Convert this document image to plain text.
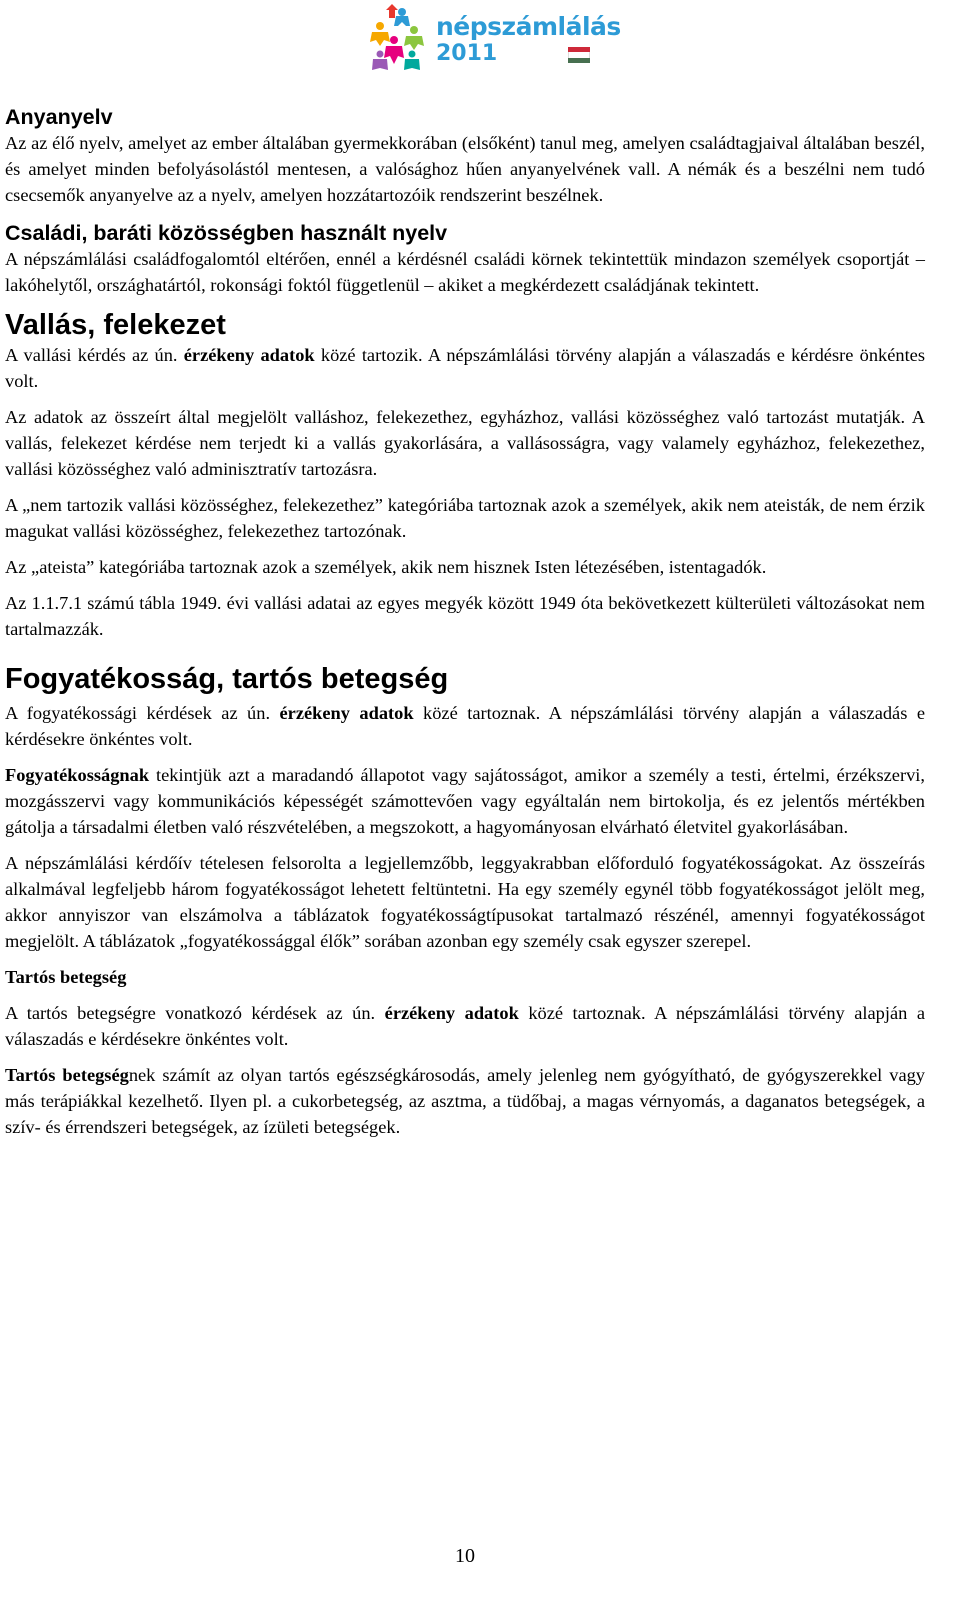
népszámlálás
2011
Anyanyelv

Az az élő nyelv, amelyet az ember általában gyermekkorában (elsőként) tanul meg, amelyen családtagjaival általában beszél, és amelyet minden befolyásolástól mentesen, a valósághoz hűen anyanyelvének vall. A némák és a beszélni nem tudó csecsemők anyanyelve az a nyelv, amelyen hozzátartozóik rendszerint beszélnek.

Családi, baráti közösségben használt nyelv

A népszámlálási családfogalomtól eltérően, ennél a kérdésnél családi körnek tekintettük mindazon személyek csoportját – lakóhelytől, országhatártól, rokonsági foktól függetlenül – akiket a megkérdezett családjának tekintett.

Vallás, felekezet

A vallási kérdés az ún. érzékeny adatok közé tartozik. A népszámlálási törvény alapján a válaszadás e kérdésre önkéntes volt.

Az adatok az összeírt által megjelölt valláshoz, felekezethez, egyházhoz, vallási közösséghez való tartozást mutatják. A vallás, felekezet kérdése nem terjedt ki a vallás gyakorlására, a vallásosságra, vagy valamely egyházhoz, felekezethez, vallási közösséghez való adminisztratív tartozásra.

A „nem tartozik vallási közösséghez, felekezethez” kategóriába tartoznak azok a személyek, akik nem ateisták, de nem érzik magukat vallási közösséghez, felekezethez tartozónak.

Az „ateista” kategóriába tartoznak azok a személyek, akik nem hisznek Isten létezésében, istentagadók.

Az 1.1.7.1 számú tábla 1949. évi vallási adatai az egyes megyék között 1949 óta bekövetkezett külterületi változásokat nem tartalmazzák.

Fogyatékosság, tartós betegség

A fogyatékossági kérdések az ún. érzékeny adatok közé tartoznak. A népszámlálási törvény alapján a válaszadás e kérdésekre önkéntes volt.

Fogyatékosságnak tekintjük azt a maradandó állapotot vagy sajátosságot, amikor a személy a testi, értelmi, érzékszervi, mozgásszervi vagy kommunikációs képességét számottevően vagy egyáltalán nem birtokolja, és ez jelentős mértékben gátolja a társadalmi életben való részvételében, a megszokott, a hagyományosan elvárható életvitel gyakorlásában.

A népszámlálási kérdőív tételesen felsorolta a legjellemzőbb, leggyakrabban előforduló fogyatékosságokat. Az összeírás alkalmával legfeljebb három fogyatékosságot lehetett feltüntetni. Ha egy személy egynél több fogyatékosságot jelölt meg, akkor annyiszor van elszámolva a táblázatok fogyatékosságtípusokat tartalmazó részénél, amennyi fogyatékosságot megjelölt. A táblázatok „fogyatékossággal élők” sorában azonban egy személy csak egyszer szerepel.

Tartós betegség

A tartós betegségre vonatkozó kérdések az ún. érzékeny adatok közé tartoznak. A népszámlálási törvény alapján a válaszadás e kérdésekre önkéntes volt.

Tartós betegségnek számít az olyan tartós egészségkárosodás, amely jelenleg nem gyógyítható, de gyógyszerekkel vagy más terápiákkal kezelhető. Ilyen pl. a cukorbetegség, az asztma, a tüdőbaj, a magas vérnyomás, a daganatos betegségek, a szív- és érrendszeri betegségek, az ízületi betegségek.

10
